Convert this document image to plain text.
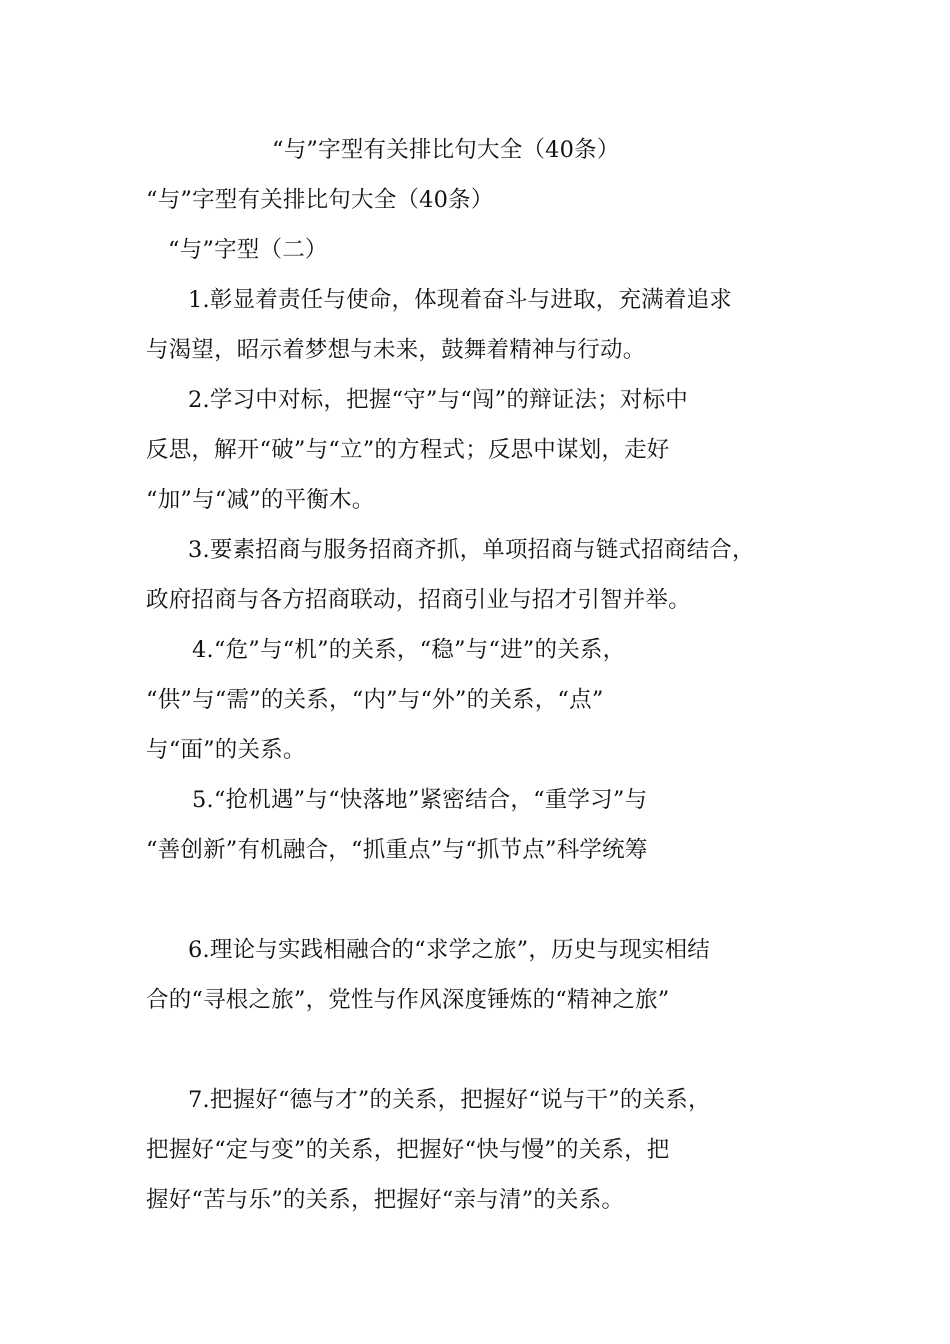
“与”字型有关排比句大全（40条）
“与”字型有关排比句大全（40条）
“与”字型（二）
1.彰显着责任与使命，体现着奋斗与进取，充满着追求
与渴望，昭示着梦想与未来，鼓舞着精神与行动。
2.学习中对标，把握“守”与“闯”的辩证法；对标中
反思，解开“破”与“立”的方程式；反思中谋划，走好
“加”与“减”的平衡木。
3.要素招商与服务招商齐抓，单项招商与链式招商结合，
政府招商与各方招商联动，招商引业与招才引智并举。
4.“危”与“机”的关系，“稳”与“进”的关系，
“供”与“需”的关系，“内”与“外”的关系，“点”
与“面”的关系。
5.“抢机遇”与“快落地”紧密结合，“重学习”与
“善创新”有机融合，“抓重点”与“抓节点”科学统筹
6.理论与实践相融合的“求学之旅”，历史与现实相结
合的“寻根之旅”，党性与作风深度锤炼的“精神之旅”
7.把握好“德与才”的关系，把握好“说与干”的关系，
把握好“定与变”的关系，把握好“快与慢”的关系，把
握好“苦与乐”的关系，把握好“亲与清”的关系。
